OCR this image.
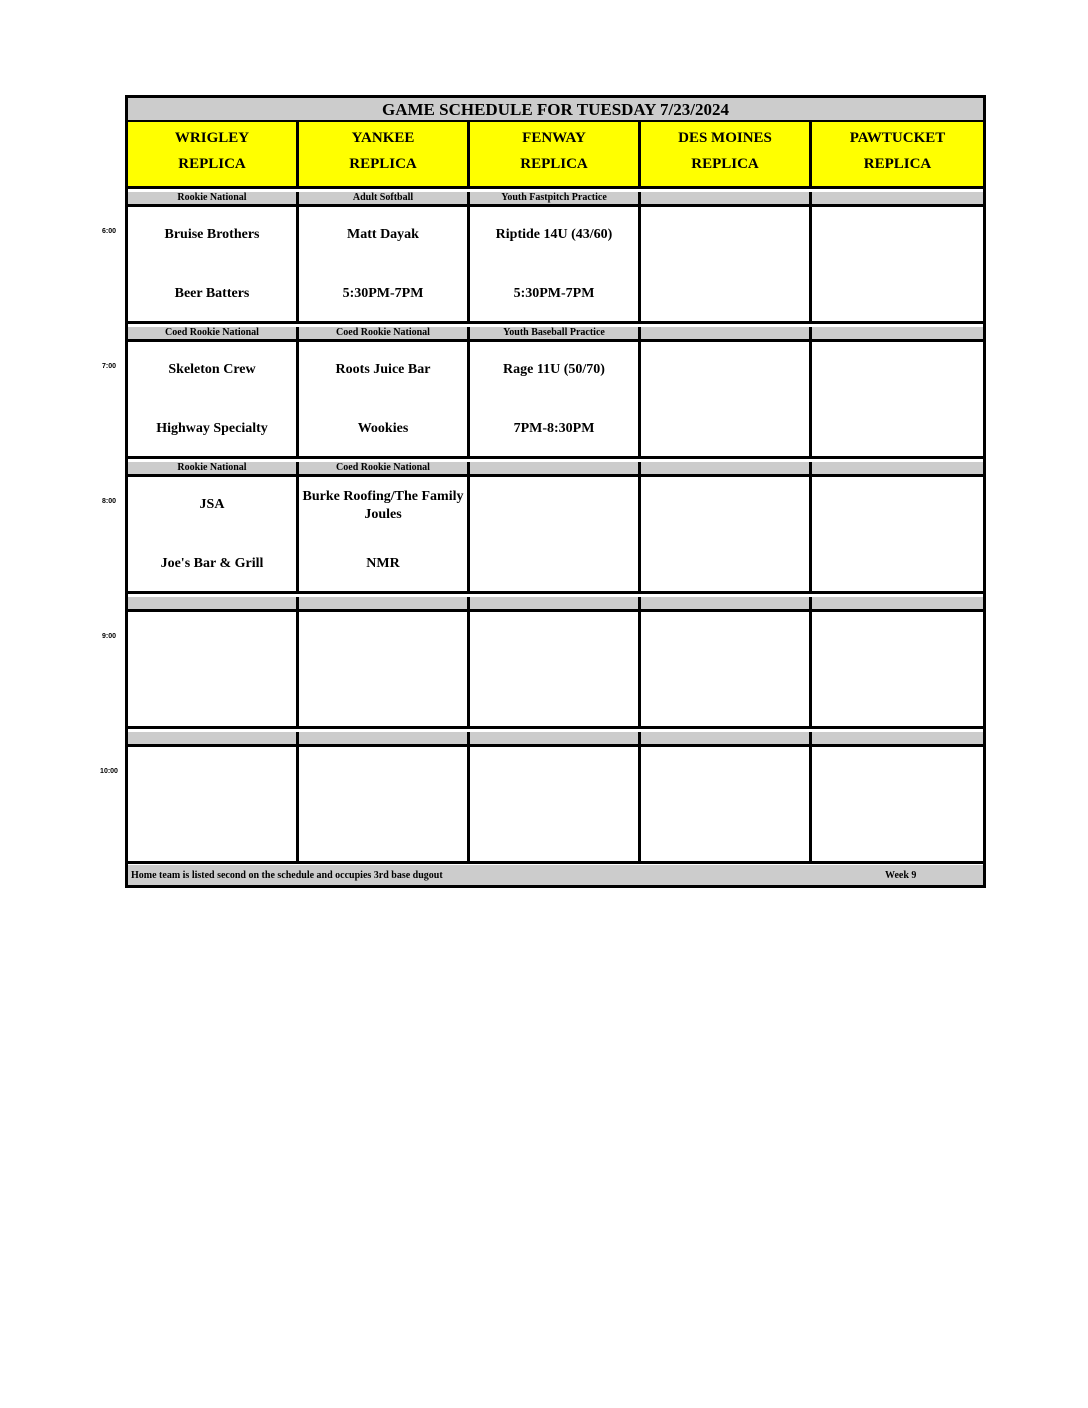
GAME SCHEDULE FOR TUESDAY 7/23/2024
WRIGLEY
REPLICA
YANKEE
REPLICA
FENWAY
REPLICA
DES MOINES
REPLICA
PAWTUCKET
REPLICA
Rookie National
Bruise Brothers
Beer Batters
Adult Softball
Matt Dayak
5:30PM-7PM
Youth Fastpitch Practice
Riptide 14U (43/60)
5:30PM-7PM
Coed Rookie National
Skeleton Crew
Highway Specialty
Coed Rookie National
Roots Juice Bar
Wookies
Youth Baseball Practice
Rage 11U (50/70)
7PM-8:30PM
Rookie National
JSA
Joe's Bar & Grill
Coed Rookie National
Burke Roofing/The Family Joules
NMR
Home team is listed second on the schedule and occupies 3rd base dugout	Week 9
6:00
7:00
8:00
9:00
10:00
